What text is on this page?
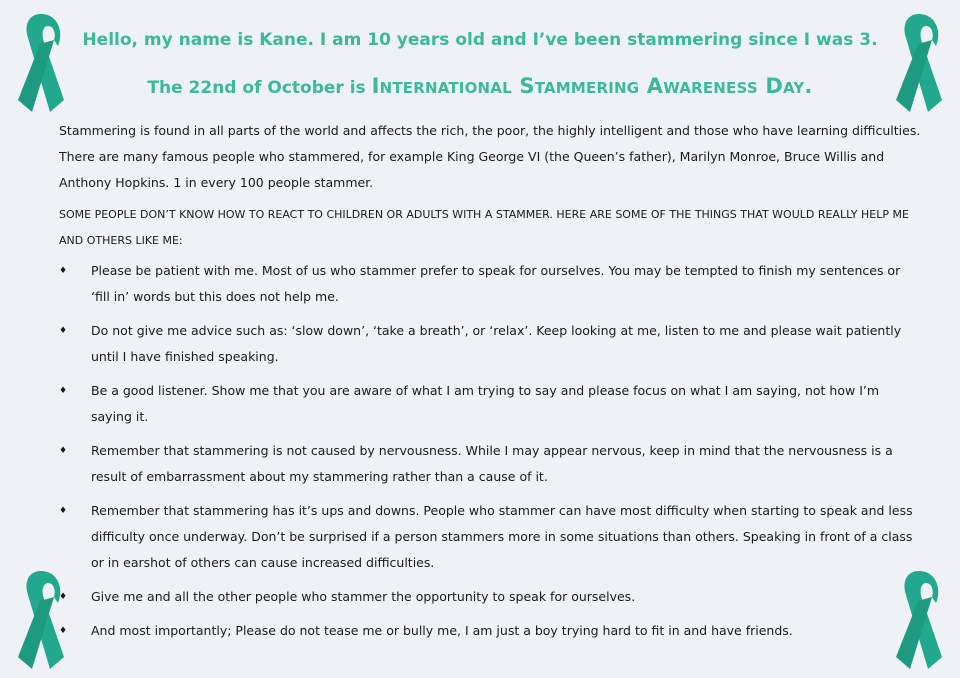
Hello, my name is Kane. I am 10 years old and I’ve been stammering since I was 3.
The 22nd of October is International Stammering Awareness Day.

Stammering is found in all parts of the world and affects the rich, the poor, the highly intelligent and those who have learning difficulties. There are many famous people who stammered, for example King George VI (the Queen’s father), Marilyn Monroe, Bruce Willis and Anthony Hopkins. 1 in every 100 people stammer.

SOME PEOPLE DON’T KNOW HOW TO REACT TO CHILDREN OR ADULTS WITH A STAMMER. HERE ARE SOME OF THE THINGS THAT WOULD REALLY HELP ME AND OTHERS LIKE ME:

♦ Please be patient with me. Most of us who stammer prefer to speak for ourselves. You may be tempted to finish my sentences or ‘fill in’ words but this does not help me.
♦ Do not give me advice such as: ‘slow down’, ‘take a breath’, or ‘relax’. Keep looking at me, listen to me and please wait patiently until I have finished speaking.
♦ Be a good listener. Show me that you are aware of what I am trying to say and please focus on what I am saying, not how I’m saying it.
♦ Remember that stammering is not caused by nervousness. While I may appear nervous, keep in mind that the nervousness is a result of embarrassment about my stammering rather than a cause of it.
♦ Remember that stammering has it’s ups and downs. People who stammer can have most difficulty when starting to speak and less difficulty once underway. Don’t be surprised if a person stammers more in some situations than others. Speaking in front of a class or in earshot of others can cause increased difficulties.
♦ Give me and all the other people who stammer the opportunity to speak for ourselves.
♦ And most importantly; Please do not tease me or bully me, I am just a boy trying hard to fit in and have friends.
